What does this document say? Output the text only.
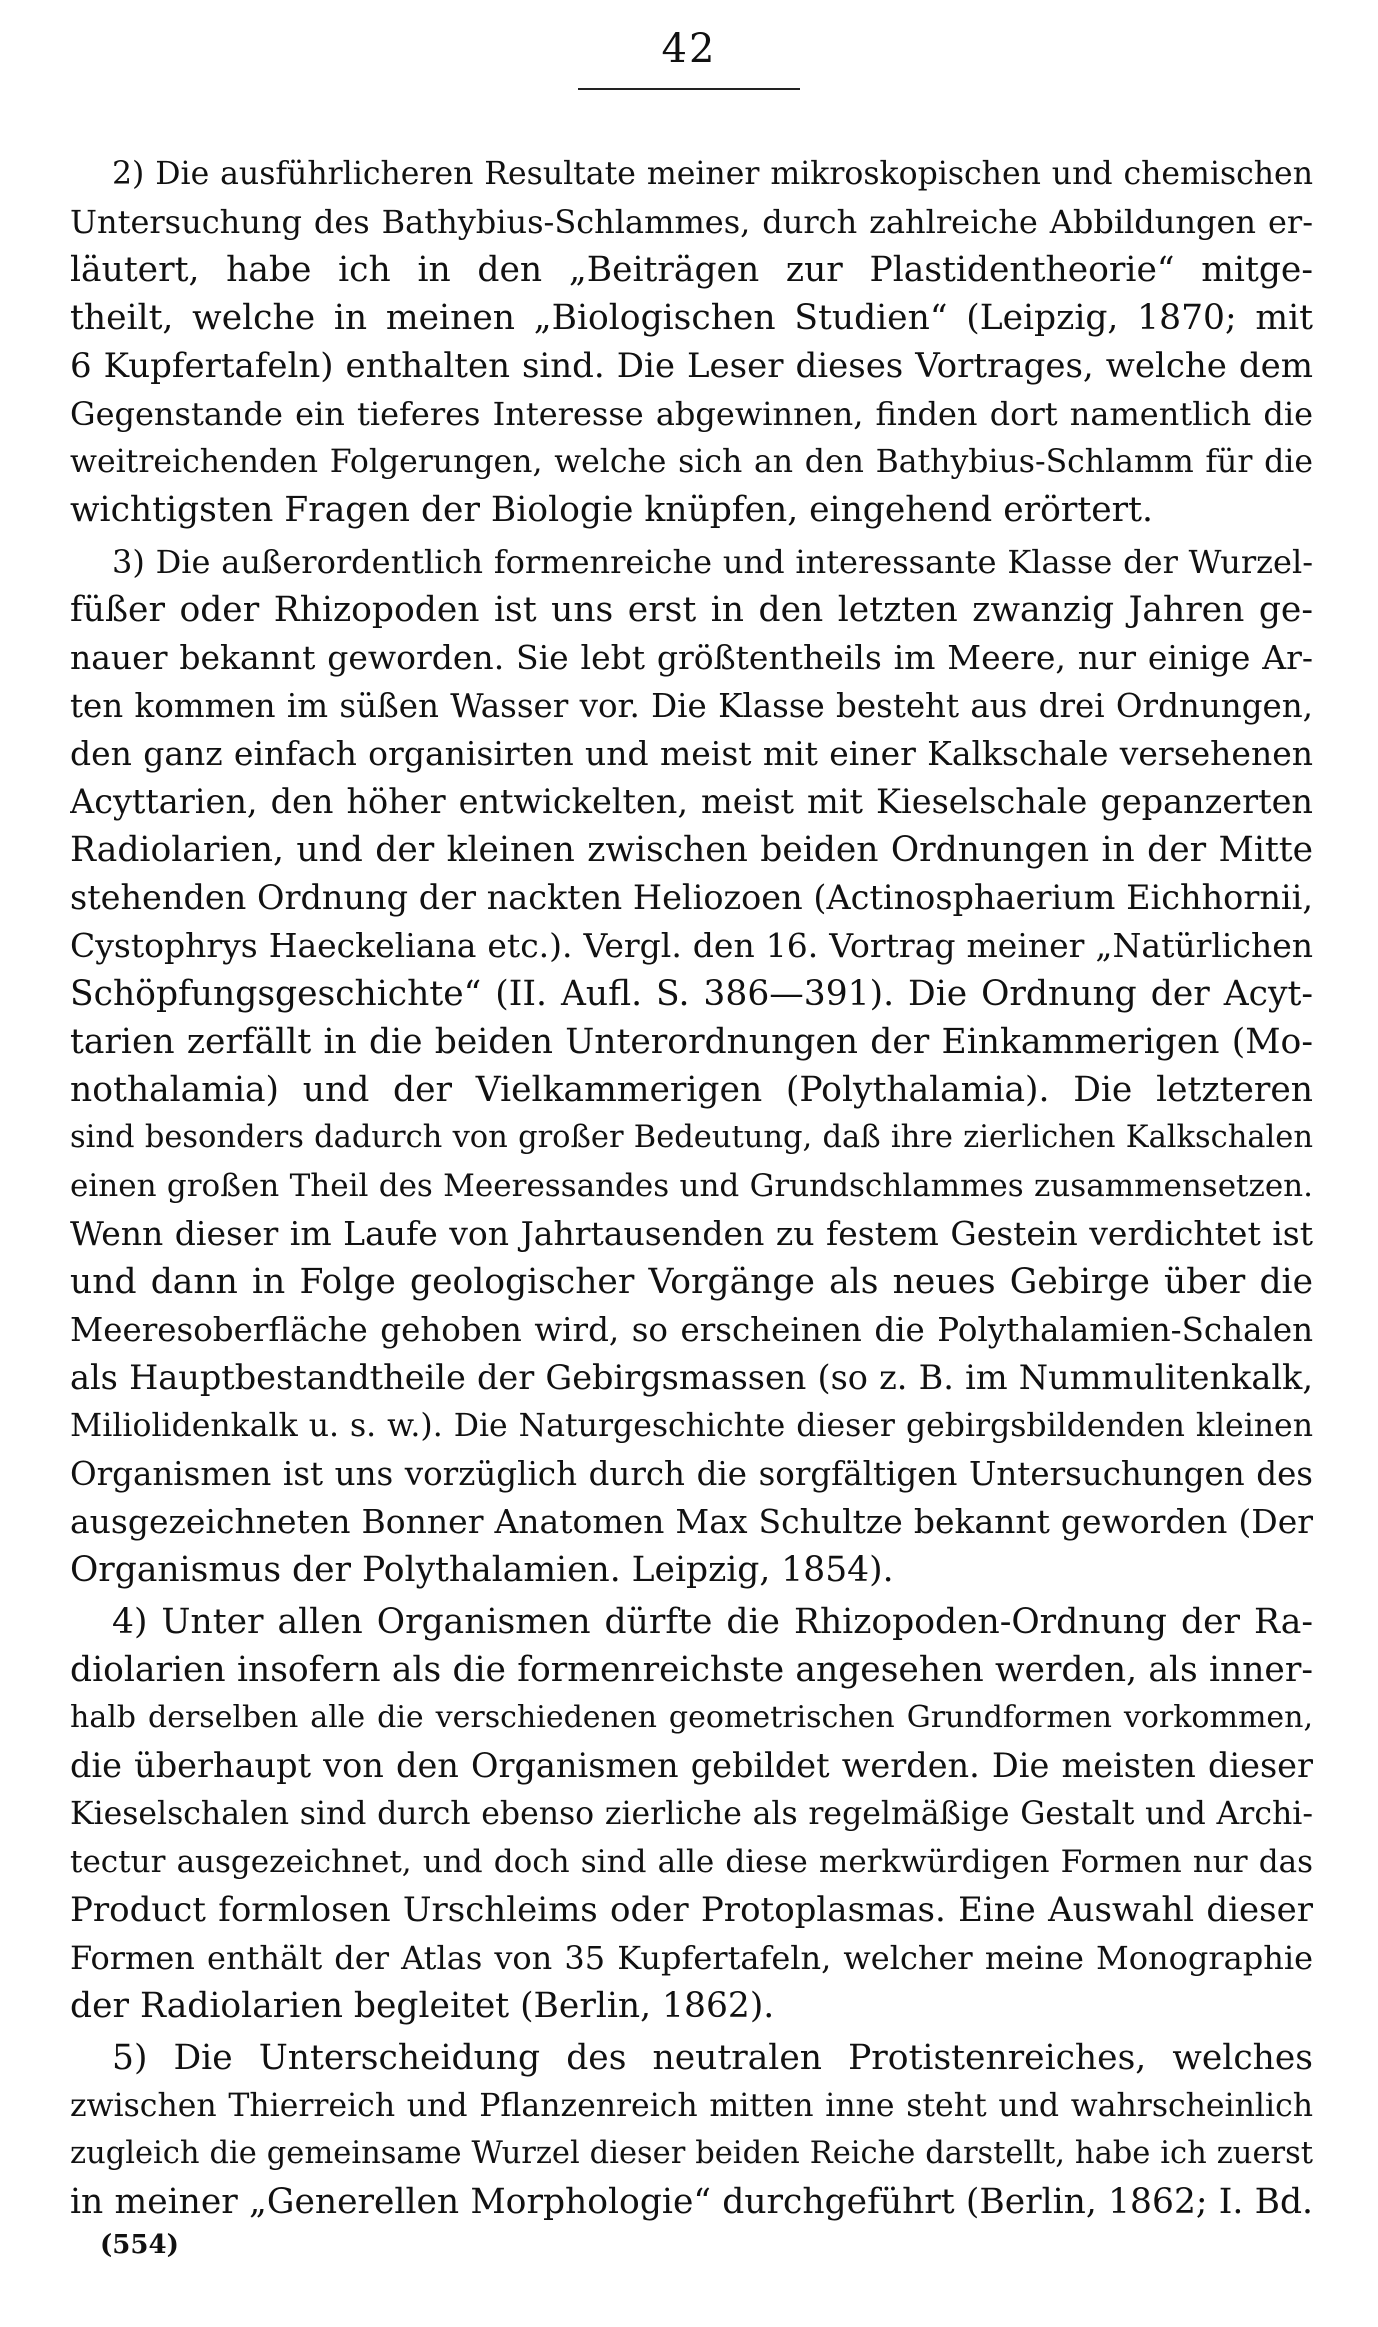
42
2) Die ausführlicheren Resultate meiner mikroskopischen und chemischen
Untersuchung des Bathybius-Schlammes, durch zahlreiche Abbildungen er-
läutert, habe ich in den „Beiträgen zur Plastidentheorie“ mitge-
theilt, welche in meinen „Biologischen Studien“ (Leipzig, 1870; mit
6 Kupfertafeln) enthalten sind. Die Leser dieses Vortrages, welche dem
Gegenstande ein tieferes Interesse abgewinnen, finden dort namentlich die
weitreichenden Folgerungen, welche sich an den Bathybius-Schlamm für die
wichtigsten Fragen der Biologie knüpfen, eingehend erörtert.
3) Die außerordentlich formenreiche und interessante Klasse der Wurzel-
füßer oder Rhizopoden ist uns erst in den letzten zwanzig Jahren ge-
nauer bekannt geworden. Sie lebt größtentheils im Meere, nur einige Ar-
ten kommen im süßen Wasser vor. Die Klasse besteht aus drei Ordnungen,
den ganz einfach organisirten und meist mit einer Kalkschale versehenen
Acyttarien, den höher entwickelten, meist mit Kieselschale gepanzerten
Radiolarien, und der kleinen zwischen beiden Ordnungen in der Mitte
stehenden Ordnung der nackten Heliozoen (Actinosphaerium Eichhornii,
Cystophrys Haeckeliana etc.). Vergl. den 16. Vortrag meiner „Natürlichen
Schöpfungsgeschichte“ (II. Aufl. S. 386—391). Die Ordnung der Acyt-
tarien zerfällt in die beiden Unterordnungen der Einkammerigen (Mo-
nothalamia) und der Vielkammerigen (Polythalamia). Die letzteren
sind besonders dadurch von großer Bedeutung, daß ihre zierlichen Kalkschalen
einen großen Theil des Meeressandes und Grundschlammes zusammensetzen.
Wenn dieser im Laufe von Jahrtausenden zu festem Gestein verdichtet ist
und dann in Folge geologischer Vorgänge als neues Gebirge über die
Meeresoberfläche gehoben wird, so erscheinen die Polythalamien-Schalen
als Hauptbestandtheile der Gebirgsmassen (so z. B. im Nummulitenkalk,
Miliolidenkalk u. s. w.). Die Naturgeschichte dieser gebirgsbildenden kleinen
Organismen ist uns vorzüglich durch die sorgfältigen Untersuchungen des
ausgezeichneten Bonner Anatomen Max Schultze bekannt geworden (Der
Organismus der Polythalamien. Leipzig, 1854).
4) Unter allen Organismen dürfte die Rhizopoden-Ordnung der Ra-
diolarien insofern als die formenreichste angesehen werden, als inner-
halb derselben alle die verschiedenen geometrischen Grundformen vorkommen,
die überhaupt von den Organismen gebildet werden. Die meisten dieser
Kieselschalen sind durch ebenso zierliche als regelmäßige Gestalt und Archi-
tectur ausgezeichnet, und doch sind alle diese merkwürdigen Formen nur das
Product formlosen Urschleims oder Protoplasmas. Eine Auswahl dieser
Formen enthält der Atlas von 35 Kupfertafeln, welcher meine Monographie
der Radiolarien begleitet (Berlin, 1862).
5) Die Unterscheidung des neutralen Protistenreiches, welches
zwischen Thierreich und Pflanzenreich mitten inne steht und wahrscheinlich
zugleich die gemeinsame Wurzel dieser beiden Reiche darstellt, habe ich zuerst
in meiner „Generellen Morphologie“ durchgeführt (Berlin, 1862; I. Bd.
(554)
